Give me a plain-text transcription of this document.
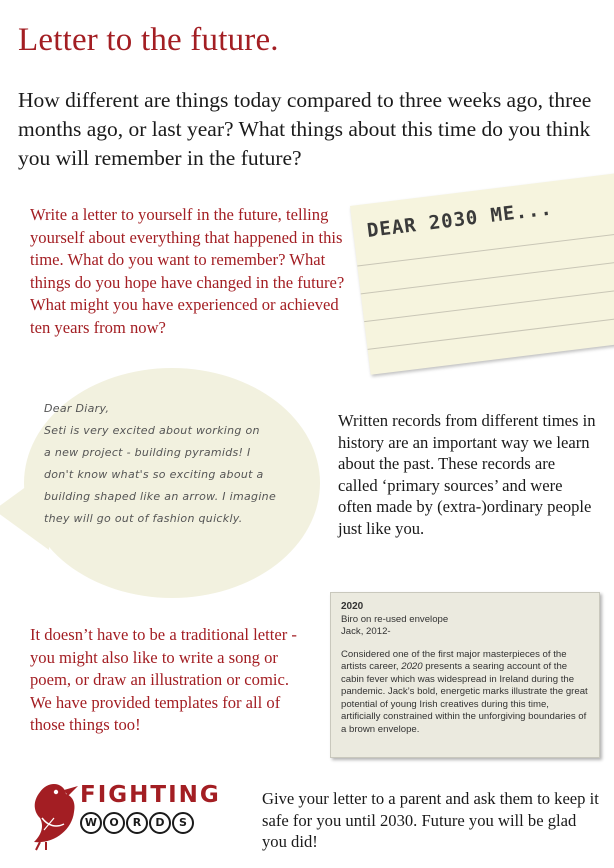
Letter to the future.

How different are things today compared to three weeks ago, three months ago, or last year? What things about this time do you think you will remember in the future?

Write a letter to yourself in the future, telling yourself about everything that happened in this time. What do you want to remember? What things do you hope have changed in the future? What might you have experienced or achieved ten years from now?

DEAR 2030 ME...
Dear Diary,
Seti is very excited about working on
a new project - building pyramids! I
don't know what's so exciting about a
building shaped like an arrow. I imagine
they will go out of fashion quickly.

Written records from different times in history are an important way we learn about the past. These records are called ‘primary sources’ and were often made by (extra-)ordinary people just like you.

It doesn’t have to be a traditional letter - you might also like to write a song or poem, or draw an illustration or comic. We have provided templates for all of those things too!

2020
Biro on re-used envelope
Jack, 2012-
Considered one of the first major masterpieces of the artists career, 2020 presents a searing account of the cabin fever which was widespread in Ireland during the pandemic. Jack’s bold, energetic marks illustrate the great potential of young Irish creatives during this time, artificially constrained within the unforgiving boundaries of a brown envelope.
FIGHTING
W	O	R	D	S

Give your letter to a parent and ask them to keep it safe for you until 2030. Future you will be glad you did!
